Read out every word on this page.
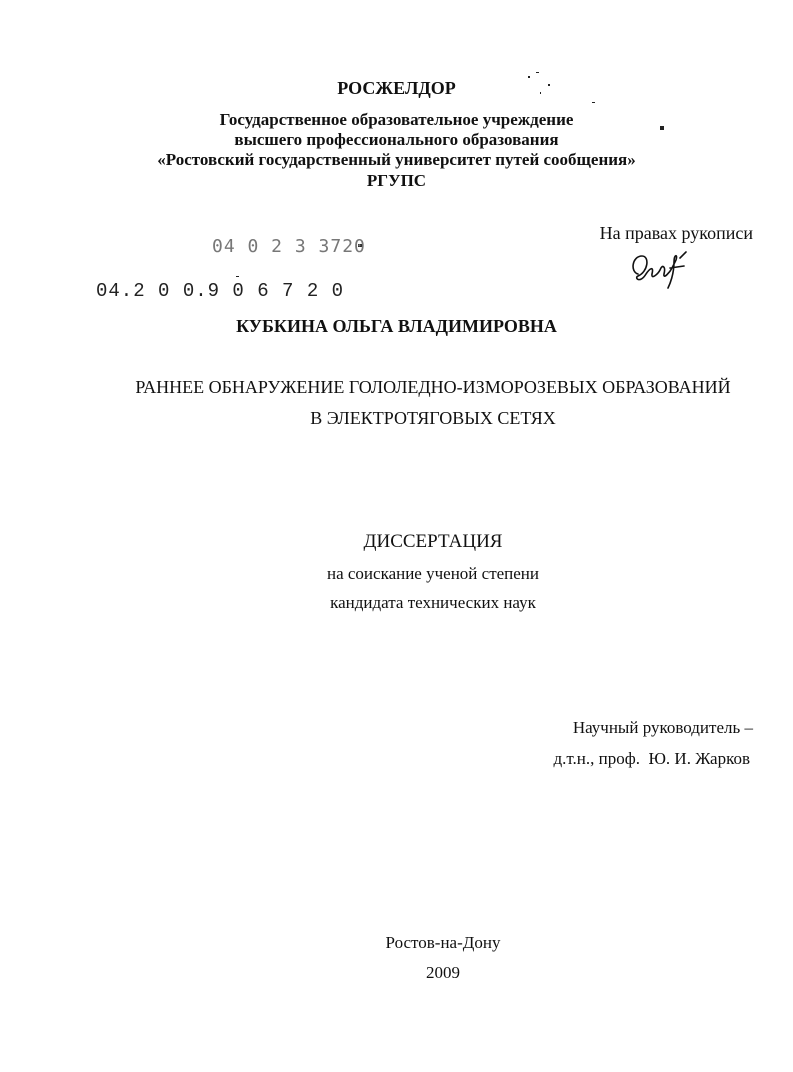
РОСЖЕЛДОР
Государственное образовательное учреждение
высшего профессионального образования
«Ростовский государственный университет путей сообщения»
РГУПС
На правах рукописи
04 0 2 3 3720
04.2 0 0.9 0 6 7 2 0
КУБКИНА ОЛЬГА ВЛАДИМИРОВНА
РАННЕЕ ОБНАРУЖЕНИЕ ГОЛОЛЕДНО-ИЗМОРОЗЕВЫХ ОБРАЗОВАНИЙ
В ЭЛЕКТРОТЯГОВЫХ СЕТЯХ
ДИССЕРТАЦИЯ
на соискание ученой степени
кандидата технических наук
Научный руководитель –
д.т.н., проф.  Ю. И. Жарков
Ростов-на-Дону
2009
